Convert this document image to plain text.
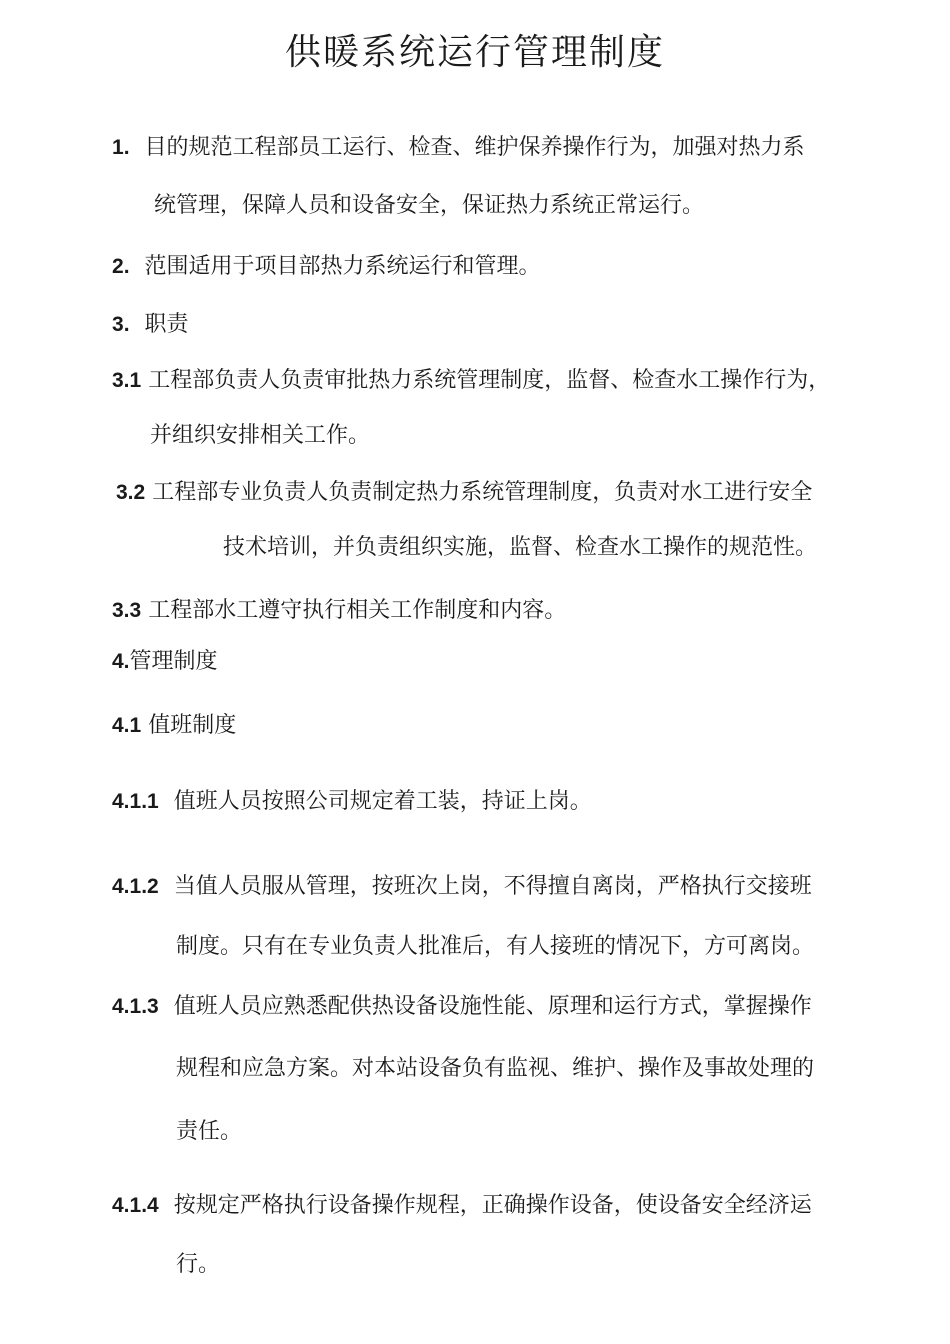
供暖系统运行管理制度
1. 目的规范工程部员工运行、检查、维护保养操作行为，加强对热力系
统管理，保障人员和设备安全，保证热力系统正常运行。
2. 范围适用于项目部热力系统运行和管理。
3. 职责
3.1 工程部负责人负责审批热力系统管理制度，监督、检查水工操作行为，
并组织安排相关工作。
3.2 工程部专业负责人负责制定热力系统管理制度，负责对水工进行安全
技术培训，并负责组织实施，监督、检查水工操作的规范性。
3.3 工程部水工遵守执行相关工作制度和内容。
4.管理制度
4.1 值班制度
4.1.1 值班人员按照公司规定着工装，持证上岗。
4.1.2 当值人员服从管理，按班次上岗，不得擅自离岗，严格执行交接班
制度。只有在专业负责人批准后，有人接班的情况下，方可离岗。
4.1.3 值班人员应熟悉配供热设备设施性能、原理和运行方式，掌握操作
规程和应急方案。对本站设备负有监视、维护、操作及事故处理的
责任。
4.1.4 按规定严格执行设备操作规程，正确操作设备，使设备安全经济运
行。
